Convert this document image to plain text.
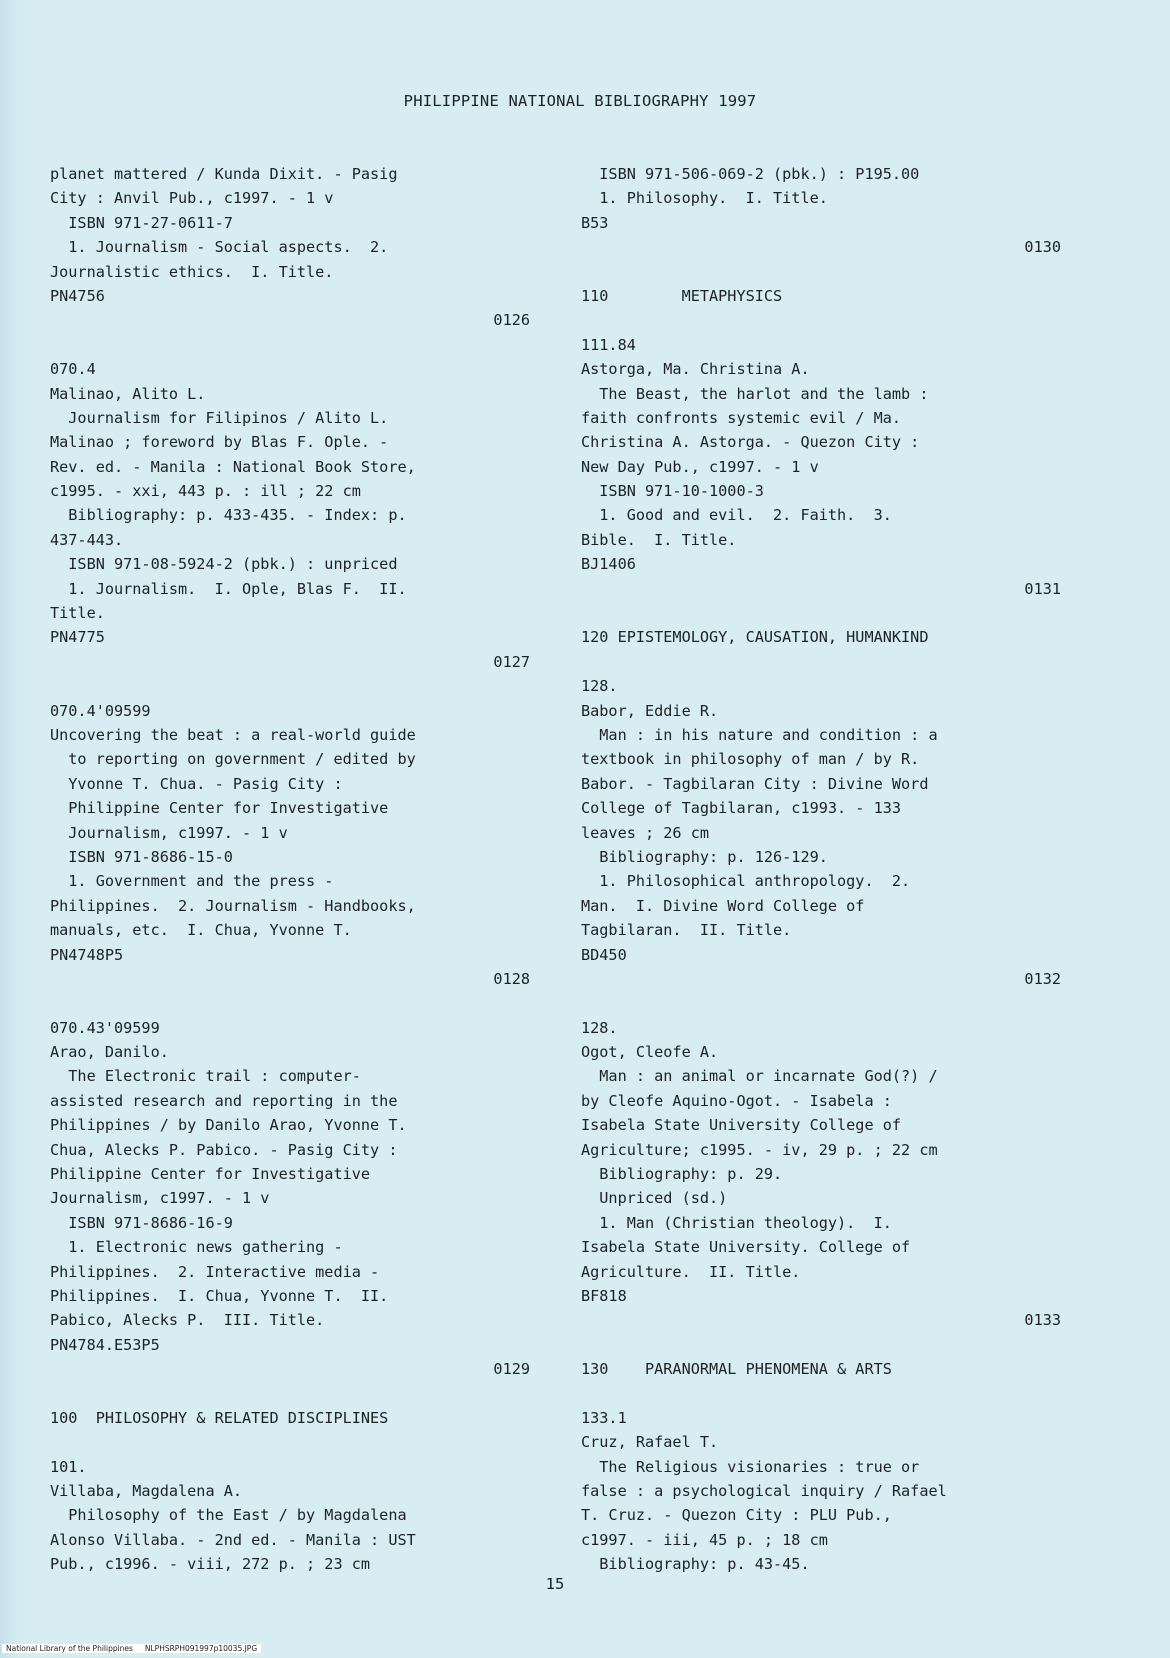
PHILIPPINE NATIONAL BIBLIOGRAPHY 1997
planet mattered / Kunda Dixit. - Pasig
City : Anvil Pub., c1997. - 1 v
ISBN 971-27-0611-7
1. Journalism - Social aspects.  2.
Journalistic ethics.  I. Title.
PN4756
0126
070.4
Malinao, Alito L.
Journalism for Filipinos / Alito L.
Malinao ; foreword by Blas F. Ople. -
Rev. ed. - Manila : National Book Store,
c1995. - xxi, 443 p. : ill ; 22 cm
Bibliography: p. 433-435. - Index: p.
437-443.
ISBN 971-08-5924-2 (pbk.) : unpriced
1. Journalism.  I. Ople, Blas F.  II.
Title.
PN4775
0127
070.4'09599
Uncovering the beat : a real-world guide
to reporting on government / edited by
Yvonne T. Chua. - Pasig City :
Philippine Center for Investigative
Journalism, c1997. - 1 v
ISBN 971-8686-15-0
1. Government and the press -
Philippines.  2. Journalism - Handbooks,
manuals, etc.  I. Chua, Yvonne T.
PN4748P5
0128
070.43'09599
Arao, Danilo.
The Electronic trail : computer-
assisted research and reporting in the
Philippines / by Danilo Arao, Yvonne T.
Chua, Alecks P. Pabico. - Pasig City :
Philippine Center for Investigative
Journalism, c1997. - 1 v
ISBN 971-8686-16-9
1. Electronic news gathering -
Philippines.  2. Interactive media -
Philippines.  I. Chua, Yvonne T.  II.
Pabico, Alecks P.  III. Title.
PN4784.E53P5
0129
100  PHILOSOPHY & RELATED DISCIPLINES
101.
Villaba, Magdalena A.
Philosophy of the East / by Magdalena
Alonso Villaba. - 2nd ed. - Manila : UST
Pub., c1996. - viii, 272 p. ; 23 cm
ISBN 971-506-069-2 (pbk.) : P195.00
1. Philosophy.  I. Title.
B53
0130
110        METAPHYSICS
111.84
Astorga, Ma. Christina A.
The Beast, the harlot and the lamb :
faith confronts systemic evil / Ma.
Christina A. Astorga. - Quezon City :
New Day Pub., c1997. - 1 v
ISBN 971-10-1000-3
1. Good and evil.  2. Faith.  3.
Bible.  I. Title.
BJ1406
0131
120 EPISTEMOLOGY, CAUSATION, HUMANKIND
128.
Babor, Eddie R.
Man : in his nature and condition : a
textbook in philosophy of man / by R.
Babor. - Tagbilaran City : Divine Word
College of Tagbilaran, c1993. - 133
leaves ; 26 cm
Bibliography: p. 126-129.
1. Philosophical anthropology.  2.
Man.  I. Divine Word College of
Tagbilaran.  II. Title.
BD450
0132
128.
Ogot, Cleofe A.
Man : an animal or incarnate God(?) /
by Cleofe Aquino-Ogot. - Isabela :
Isabela State University College of
Agriculture; c1995. - iv, 29 p. ; 22 cm
Bibliography: p. 29.
Unpriced (sd.)
1. Man (Christian theology).  I.
Isabela State University. College of
Agriculture.  II. Title.
BF818
0133
130    PARANORMAL PHENOMENA & ARTS
133.1
Cruz, Rafael T.
The Religious visionaries : true or
false : a psychological inquiry / Rafael
T. Cruz. - Quezon City : PLU Pub.,
c1997. - iii, 45 p. ; 18 cm
Bibliography: p. 43-45.
15
National Library of the Philippines     NLPHSRPH091997p10035.JPG
